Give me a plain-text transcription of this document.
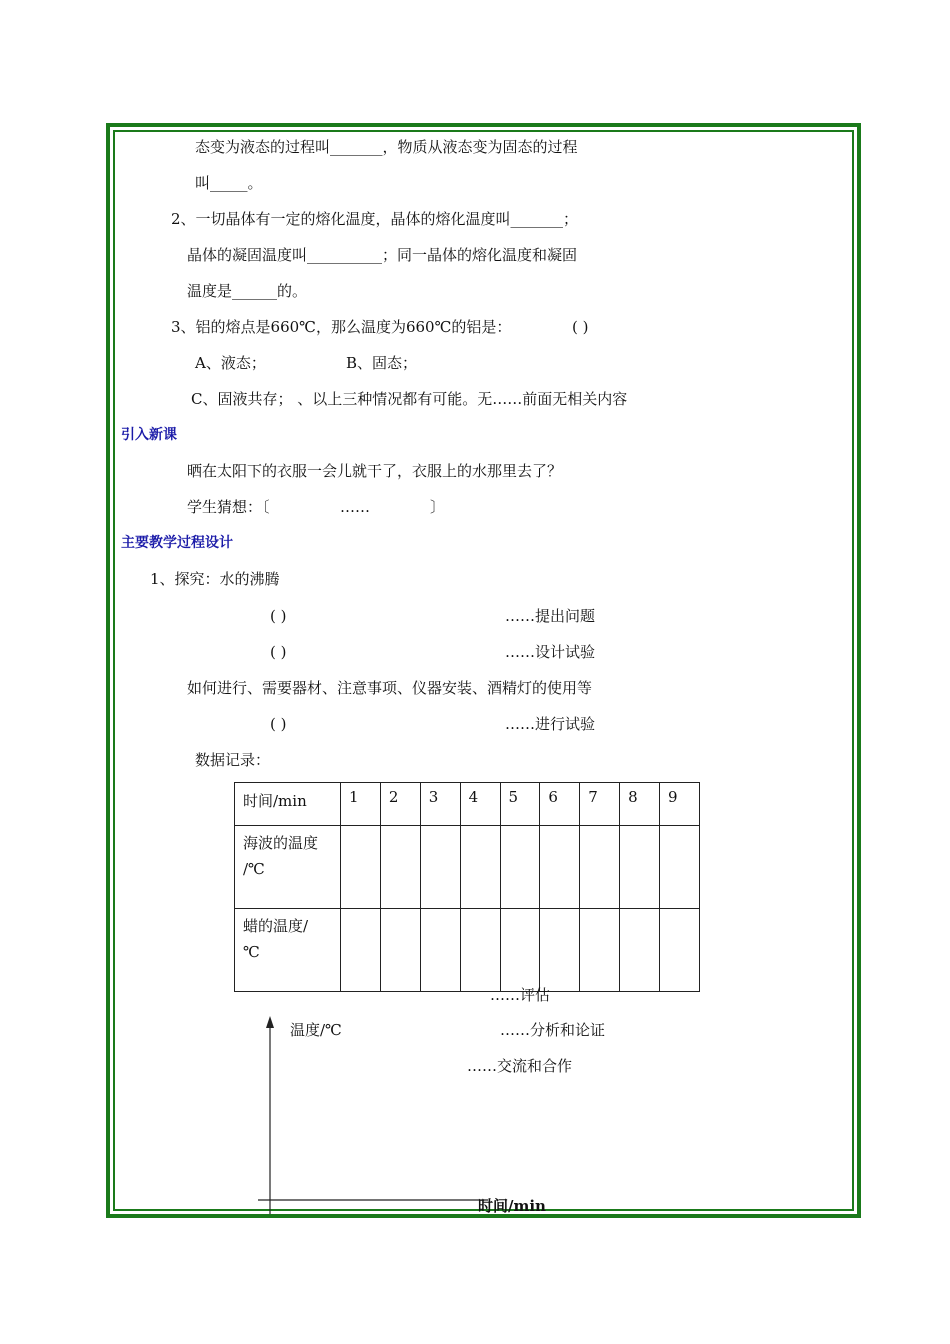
态变为液态的过程叫_______，物质从液态变为固态的过程
叫_____。
2、一切晶体有一定的熔化温度，晶体的熔化温度叫_______；
晶体的凝固温度叫__________；同一晶体的熔化温度和凝固
温度是______的。
3、铝的熔点是660℃，那么温度为660℃的铝是：	( )
A、液态；	B、固态；
C、固液共存； 、以上三种情况都有可能。无……前面无相关内容
引入新课
晒在太阳下的衣服一会儿就干了，衣服上的水那里去了？
学生猜想：〔	……	〕
主要教学过程设计
1、探究：水的沸腾
( )	……提出问题
( )	……设计试验
如何进行、需要器材、注意事项、仪器安装、酒精灯的使用等
( )	……进行试验
数据记录：
时间/min	1	2	3	4	5	6	7	8	9

海波的温度
/℃									

蜡的温度/
℃									

……评估
温度/℃	……分析和论证
……交流和合作
时间/min
